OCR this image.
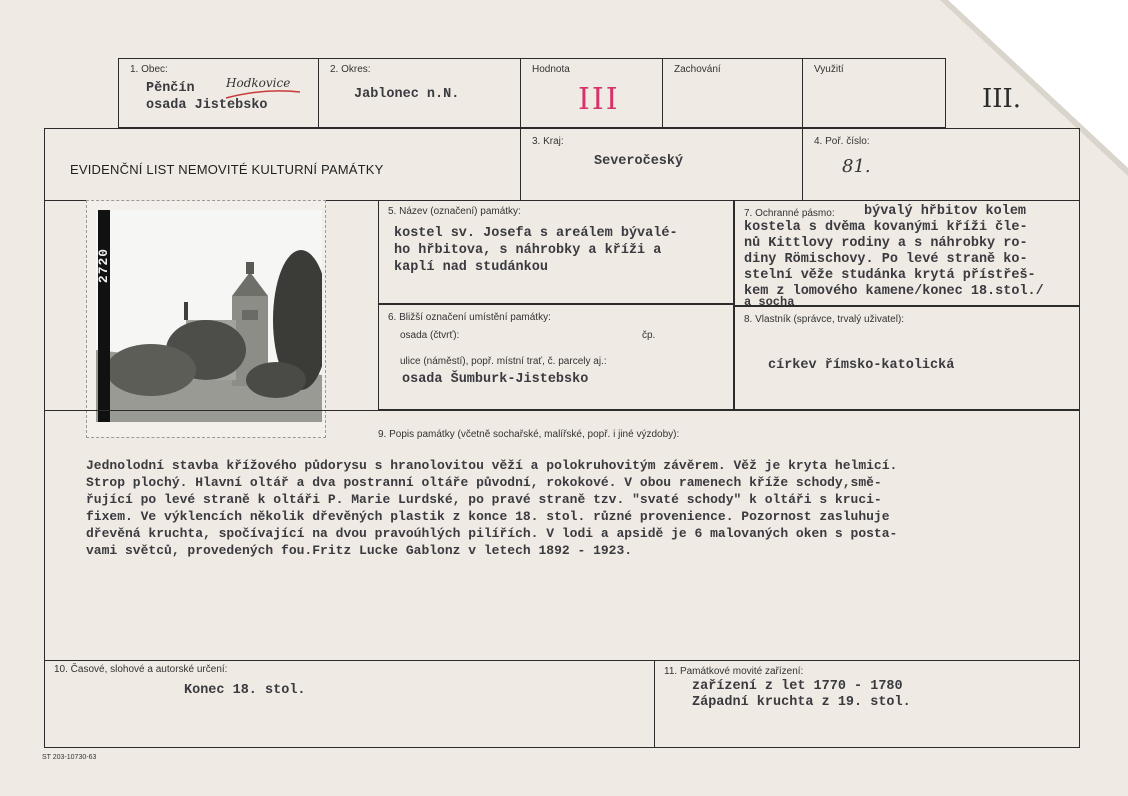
1. Obec:
Pěnčín	Hodkovice
osada Jistebsko
2. Okres:
Jablonec n.N.
Hodnota
III
Zachování	Využití
III.
EVIDENČNÍ LIST NEMOVITÉ KULTURNÍ PAMÁTKY
3. Kraj:
Severočeský
4. Poř. číslo:
81.
2720
5. Název (označení) památky:
kostel sv. Josefa s areálem bývalé-
ho hřbitova, s náhrobky a kříži a
kaplí nad studánkou
7. Ochranné pásmo: bývalý hřbitov kolem
kostela s dvěma kovanými kříži čle-
nů Kittlovy rodiny a s náhrobky ro-
diny Römischovy. Po levé straně ko-
stelní věže studánka krytá přístřeš-
kem z lomového kamene/konec 18.stol./
a socha
6. Bližší označení umístění památky:
osada (čtvrť):	čp.
ulice (náměstí), popř. místní trať, č. parcely aj.:
osada Šumburk-Jistebsko
8. Vlastník (správce, trvalý uživatel):
církev římsko-katolická
9. Popis památky (včetně sochařské, malířské, popř. i jiné výzdoby):
Jednolodní stavba křížového půdorysu s hranolovitou věží a polokruhovitým závěrem. Věž je kryta helmicí.
Strop plochý. Hlavní oltář a dva postranní oltáře původní, rokokové. V obou ramenech kříže schody,smě-
řující po levé straně k oltáři P. Marie Lurdské, po pravé straně tzv. "svaté schody" k oltáři s kruci-
fixem. Ve výklencích několik dřevěných plastik z konce 18. stol. různé provenience. Pozornost zasluhuje
dřevěná kruchta, spočívající na dvou pravoúhlých pilířích. V lodi a apsidě je 6 malovaných oken s posta-
vami světců, provedených fou.Fritz Lucke Gablonz v letech 1892 - 1923.
10. Časové, slohové a autorské určení:
Konec 18. stol.
11. Památkové movité zařízení:
zařízení z let 1770 - 1780
Západní kruchta z 19. stol.
ST 203-10730-63
